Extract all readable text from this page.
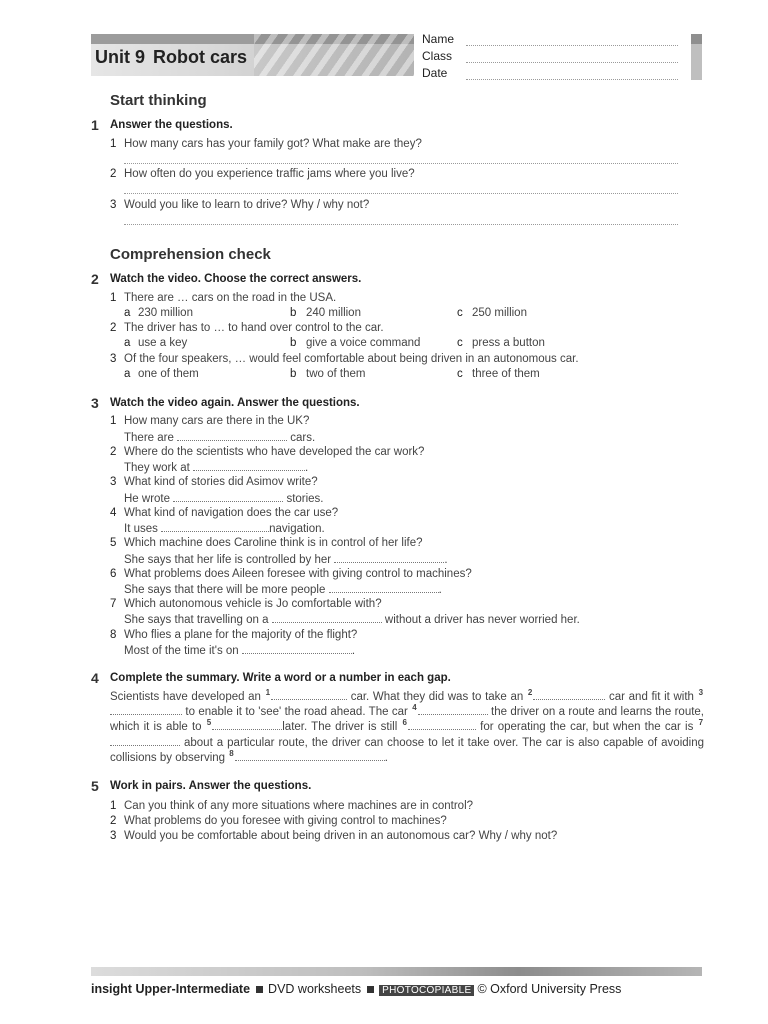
Unit 9 Robot cars
Name
Class
Date
Start thinking
1 Answer the questions.
1 How many cars has your family got? What make are they?
2 How often do you experience traffic jams where you live?
3 Would you like to learn to drive? Why / why not?
Comprehension check
2 Watch the video. Choose the correct answers.
1 There are … cars on the road in the USA.
a 230 million	b 240 million	c 250 million
2 The driver has to … to hand over control to the car.
a use a key	b give a voice command	c press a button
3 Of the four speakers, … would feel comfortable about being driven in an autonomous car.
a one of them	b two of them	c three of them
3 Watch the video again. Answer the questions.
1 How many cars are there in the UK?
There are	cars.
2 Where do the scientists who have developed the car work?
They work at	.
3 What kind of stories did Asimov write?
He wrote	stories.
4 What kind of navigation does the car use?
It uses	navigation.
5 Which machine does Caroline think is in control of her life?
She says that her life is controlled by her	.
6 What problems does Aileen foresee with giving control to machines?
She says that there will be more people	.
7 Which autonomous vehicle is Jo comfortable with?
She says that travelling on a	without a driver has never worried her.
8 Who flies a plane for the majority of the flight?
Most of the time it's on	.
4 Complete the summary. Write a word or a number in each gap.
Scientists have developed an $^1$	car. What they did was to take an $^2$	car and fit it with $^3$ to enable it to 'see' the road ahead. The car $^4$	the driver on a route and learns the route, which it is able to $^5$	later. The driver is still $^6$	for operating the car, but when the car is $^7$ about a particular route, the driver can choose to let it take over. The car is also capable of avoiding collisions by observing $^8$	.
5 Work in pairs. Answer the questions.
1 Can you think of any more situations where machines are in control?
2 What problems do you foresee with giving control to machines?
3 Would you be comfortable about being driven in an autonomous car? Why / why not?
insight Upper-Intermediate DVD worksheets PHOTOCOPIABLE © Oxford University Press
